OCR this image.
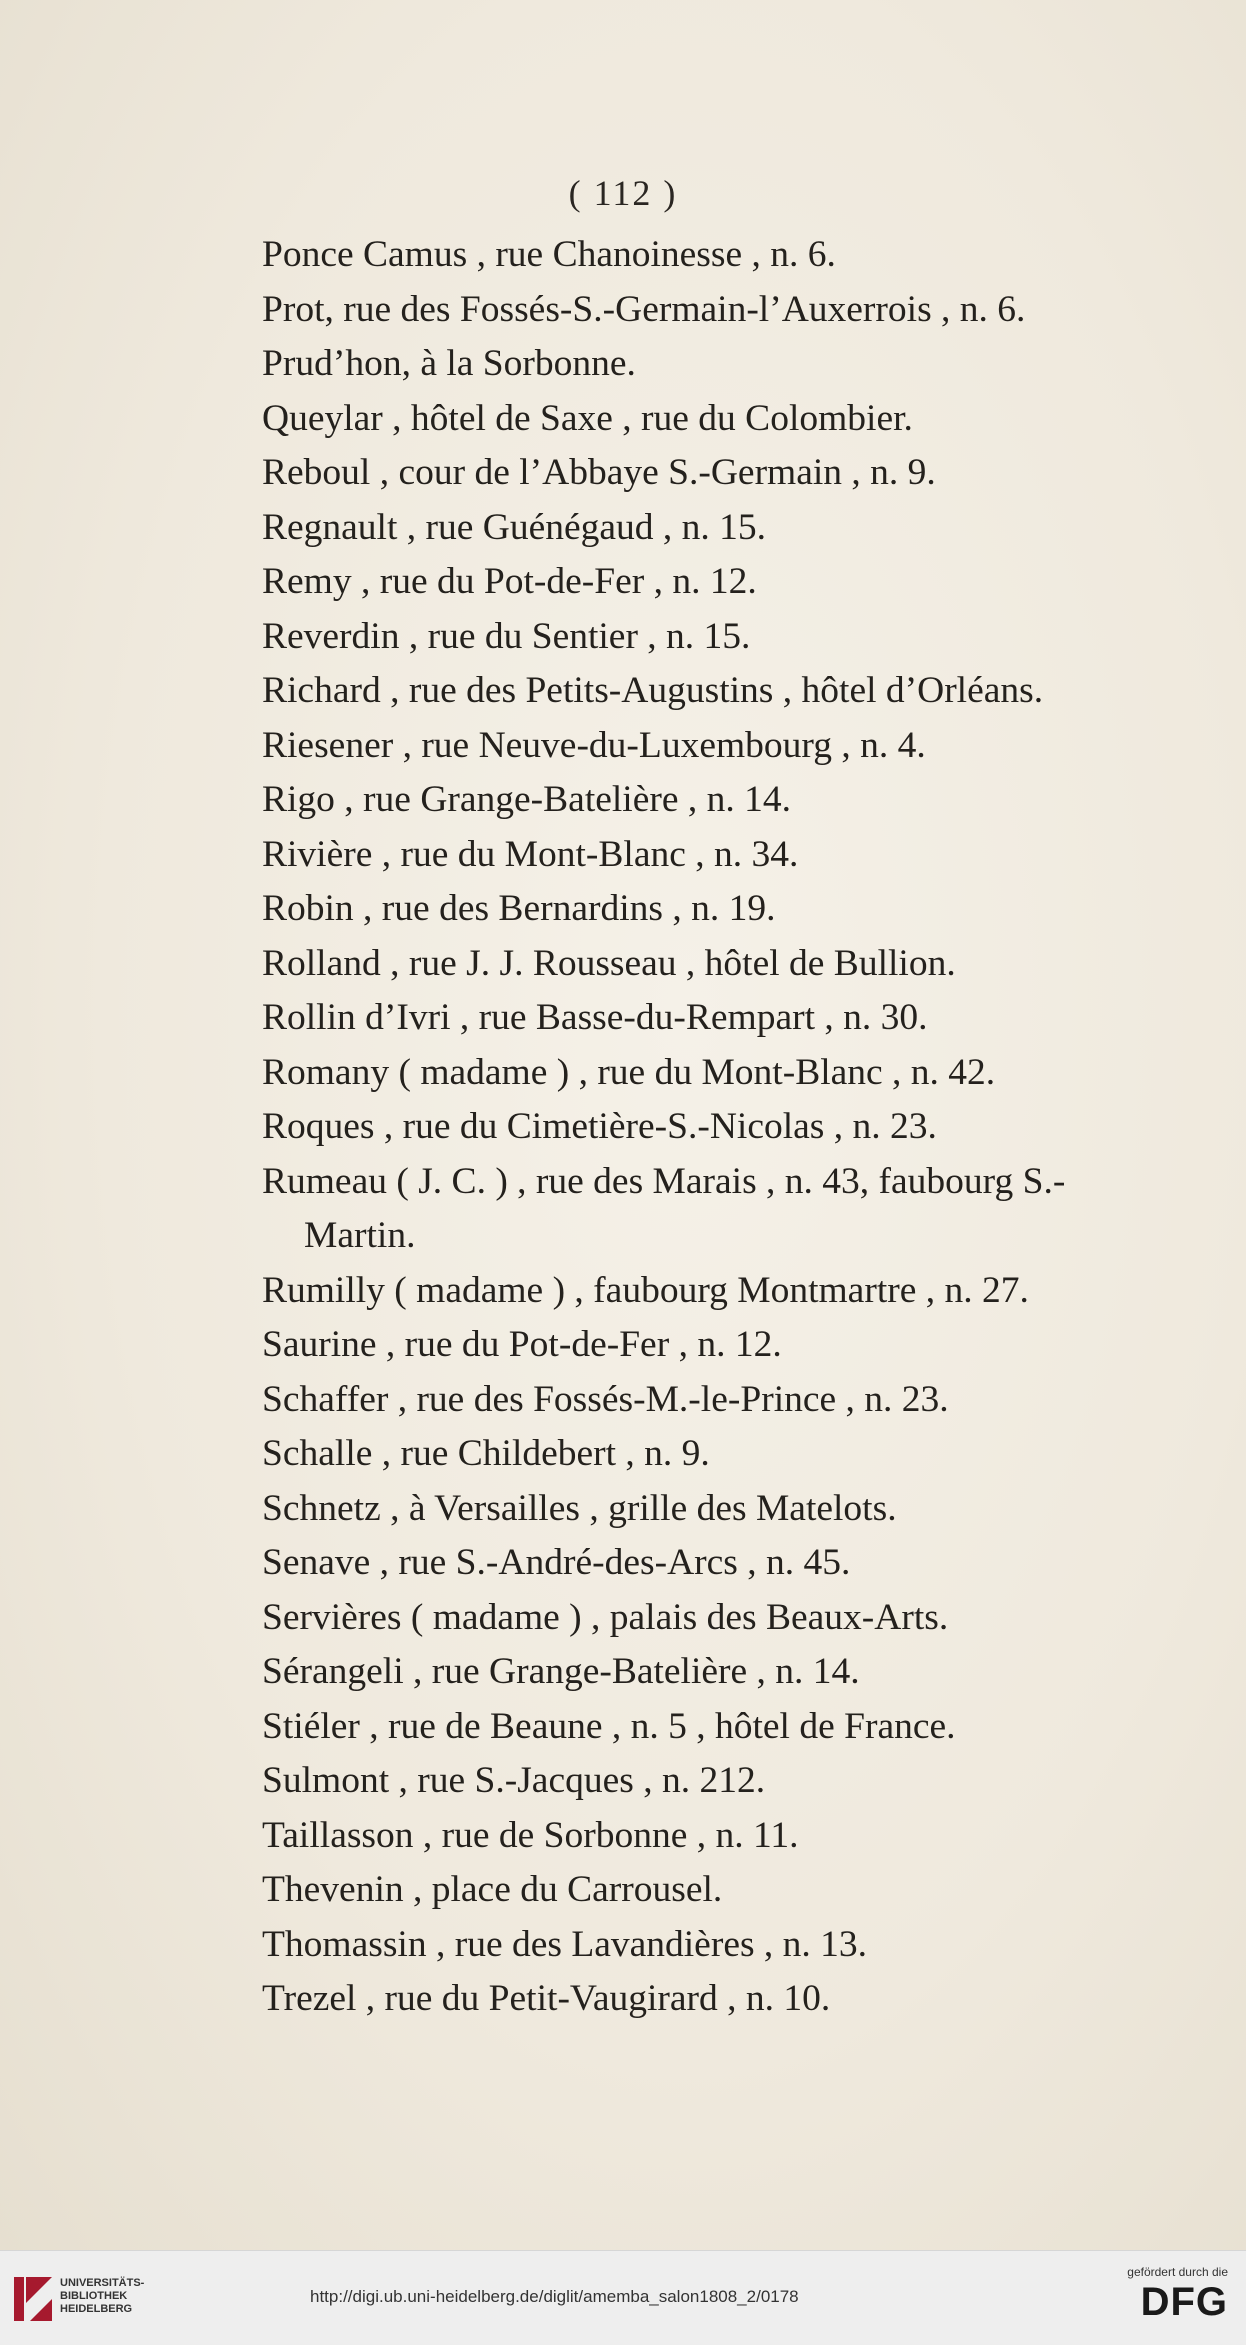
( 112 )
Ponce Camus , rue Chanoinesse , n. 6.
Prot, rue des Fossés-S.-Germain-l’Auxerrois , n. 6.
Prud’hon, à la Sorbonne.
Queylar , hôtel de Saxe , rue du Colombier.
Reboul , cour de l’Abbaye S.-Germain , n. 9.
Regnault , rue Guénégaud , n. 15.
Remy , rue du Pot-de-Fer , n. 12.
Reverdin , rue du Sentier , n. 15.
Richard , rue des Petits-Augustins , hôtel d’Orléans.
Riesener , rue Neuve-du-Luxembourg , n. 4.
Rigo , rue Grange-Batelière , n. 14.
Rivière , rue du Mont-Blanc , n. 34.
Robin , rue des Bernardins , n. 19.
Rolland , rue J. J. Rousseau , hôtel de Bullion.
Rollin d’Ivri , rue Basse-du-Rempart , n. 30.
Romany ( madame ) , rue du Mont-Blanc , n. 42.
Roques , rue du Cimetière-S.-Nicolas , n. 23.
Rumeau ( J. C. ) , rue des Marais , n. 43, faubourg S.-
Martin.
Rumilly ( madame ) , faubourg Montmartre , n. 27.
Saurine , rue du Pot-de-Fer , n. 12.
Schaffer , rue des Fossés-M.-le-Prince , n. 23.
Schalle , rue Childebert , n. 9.
Schnetz , à Versailles , grille des Matelots.
Senave , rue S.-André-des-Arcs , n. 45.
Servières ( madame ) , palais des Beaux-Arts.
Sérangeli , rue Grange-Batelière , n. 14.
Stiéler , rue de Beaune , n. 5 , hôtel de France.
Sulmont , rue S.-Jacques , n. 212.
Taillasson , rue de Sorbonne , n. 11.
Thevenin , place du Carrousel.
Thomassin , rue des Lavandières , n. 13.
Trezel , rue du Petit-Vaugirard , n. 10.
UNIVERSITÄTS-
BIBLIOTHEK
HEIDELBERG
http://digi.ub.uni-heidelberg.de/diglit/amemba_salon1808_2/0178
gefördert durch die
DFG
